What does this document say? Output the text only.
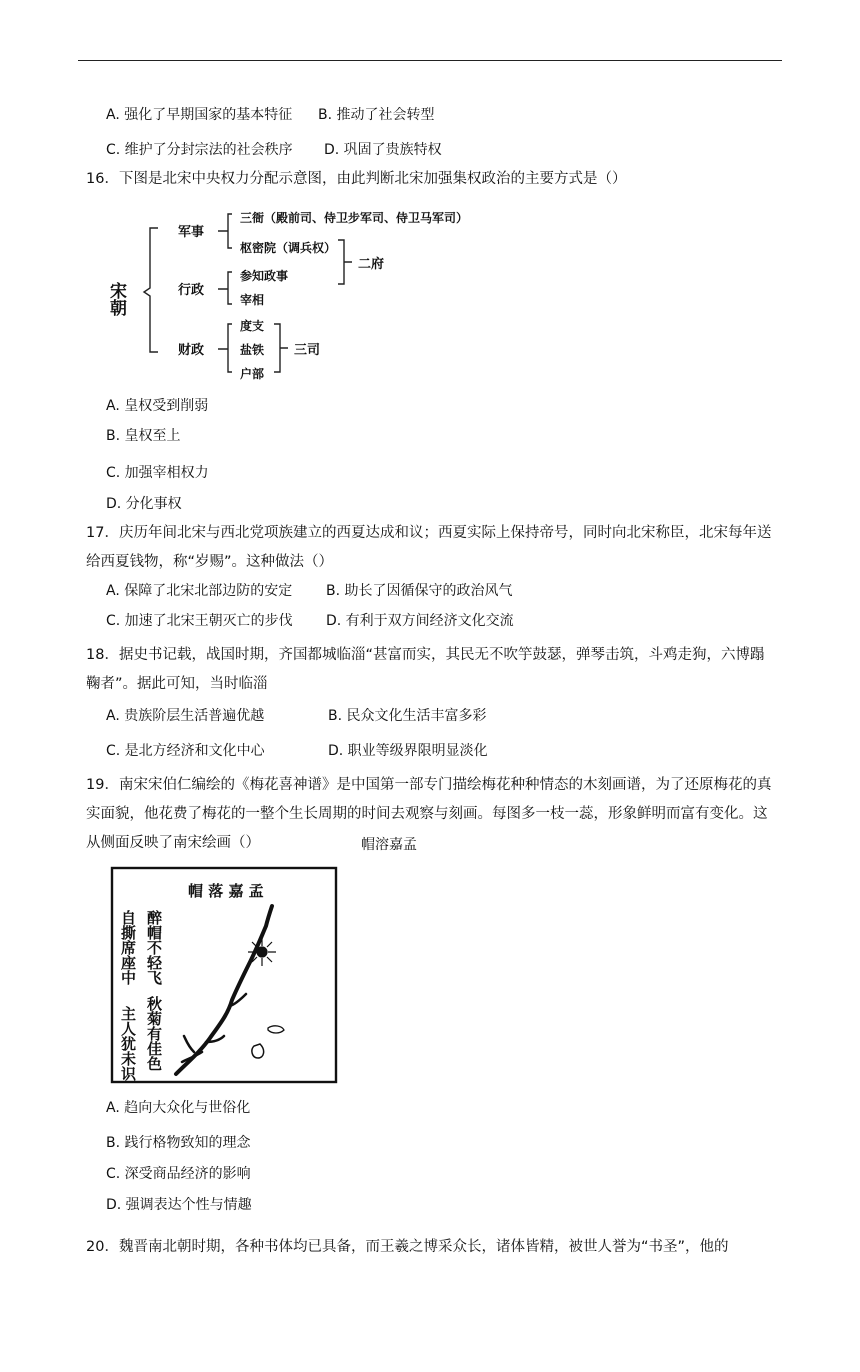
A. 强化了早期国家的基本特征 B. 推动了社会转型
C. 维护了分封宗法的社会秩序 D. 巩固了贵族特权
16．下图是北宋中央权力分配示意图，由此判断北宋加强集权政治的主要方式是（）
宋朝
军事
行政
财政
三衙（殿前司、侍卫步军司、侍卫马军司）
枢密院（调兵权）
参知政事
宰相
二府
度支
盐铁
户部
三司
A. 皇权受到削弱
B. 皇权至上
C. 加强宰相权力
D. 分化事权
17．庆历年间北宋与西北党项族建立的西夏达成和议；西夏实际上保持帝号，同时向北宋称臣，北宋每年送给西夏钱物，称“岁赐”。这种做法（）
A. 保障了北宋北部边防的安定 B. 助长了因循保守的政治风气
C. 加速了北宋王朝灭亡的步伐 D. 有利于双方间经济文化交流
18．据史书记载，战国时期，齐国都城临淄“甚富而实，其民无不吹竽鼓瑟，弹琴击筑，斗鸡走狗，六博蹋鞠者”。据此可知，当时临淄
A. 贵族阶层生活普遍优越	B. 民众文化生活丰富多彩
C. 是北方经济和文化中心	D. 职业等级界限明显淡化
19．南宋宋伯仁编绘的《梅花喜神谱》是中国第一部专门描绘梅花种种情态的木刻画谱，为了还原梅花的真实面貌，他花费了梅花的一整个生长周期的时间去观察与刻画。每图多一枝一蕊，形象鲜明而富有变化。这从侧面反映了南宋绘画（）	帽溶嘉孟
帽 落 嘉 孟
醉帽不轻飞
秋菊有佳色
自撕席座中
主人犹未识
A. 趋向大众化与世俗化
B. 践行格物致知的理念
C. 深受商品经济的影响
D. 强调表达个性与情趣
20．魏晋南北朝时期，各种书体均已具备，而王羲之博采众长，诸体皆精，被世人誉为“书圣”，他的
